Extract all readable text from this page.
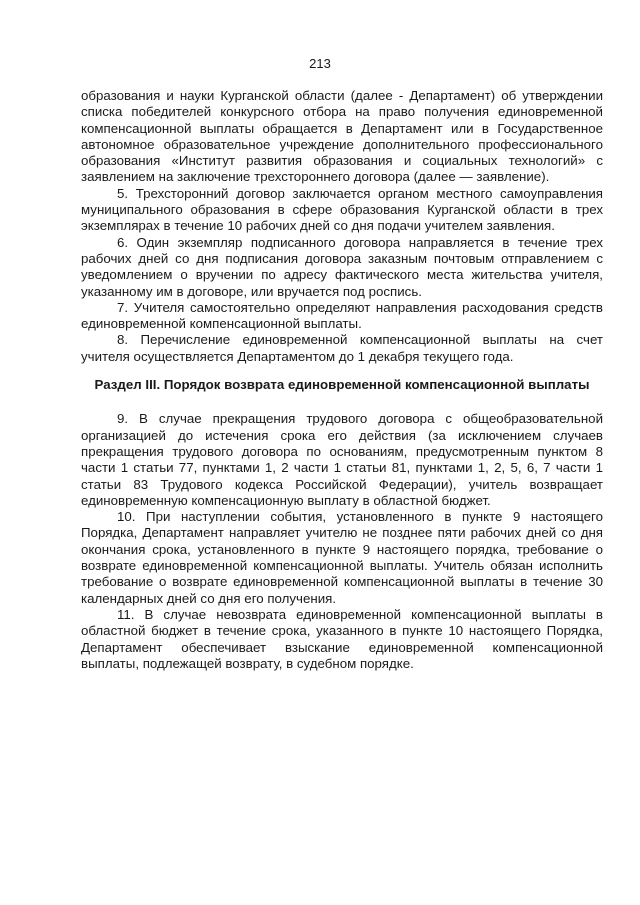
213

образования и науки Курганской области (далее - Департамент) об утверждении списка победителей конкурсного отбора на право получения единовременной компенсационной выплаты обращается в Департамент или в Государственное автономное образовательное учреждение дополнительного профессионального образования «Институт развития образования и социальных технологий» с заявлением на заключение трехстороннего договора (далее — заявление).

5. Трехсторонний договор заключается органом местного самоуправления муниципального образования в сфере образования Курганской области в трех экземплярах в течение 10 рабочих дней со дня подачи учителем заявления.

6. Один экземпляр подписанного договора направляется в течение трех рабочих дней со дня подписания договора заказным почтовым отправлением с уведомлением о вручении по адресу фактического места жительства учителя, указанному им в договоре, или вручается под роспись.

7. Учителя самостоятельно определяют направления расходования средств единовременной компенсационной выплаты.

8. Перечисление единовременной компенсационной выплаты на счет учителя осуществляется Департаментом до 1 декабря текущего года.

Раздел III. Порядок возврата единовременной компенсационной выплаты

9. В случае прекращения трудового договора с общеобразовательной организацией до истечения срока его действия (за исключением случаев прекращения трудового договора по основаниям, предусмотренным пунктом 8 части 1 статьи 77, пунктами 1, 2 части 1 статьи 81, пунктами 1, 2, 5, 6, 7 части 1 статьи 83 Трудового кодекса Российской Федерации), учитель возвращает единовременную компенсационную выплату в областной бюджет.

10. При наступлении события, установленного в пункте 9 настоящего Порядка, Департамент направляет учителю не позднее пяти рабочих дней со дня окончания срока, установленного в пункте 9 настоящего порядка, требование о возврате единовременной компенсационной выплаты. Учитель обязан исполнить требование о возврате единовременной компенсационной выплаты в течение 30 календарных дней со дня его получения.

11. В случае невозврата единовременной компенсационной выплаты в областной бюджет в течение срока, указанного в пункте 10 настоящего Порядка, Департамент обеспечивает взыскание единовременной компенсационной выплаты, подлежащей возврату, в судебном порядке.
